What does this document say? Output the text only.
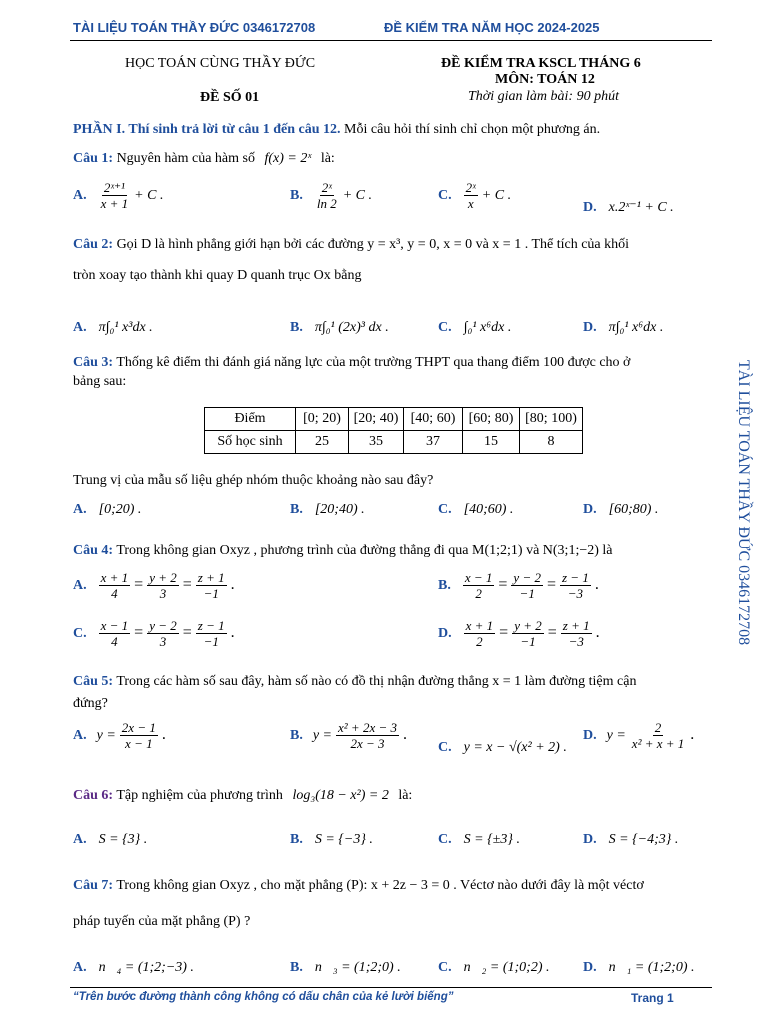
TÀI LIỆU TOÁN THẦY ĐỨC 0346172708	ĐỀ KIỂM TRA NĂM HỌC 2024-2025
HỌC TOÁN CÙNG THẦY ĐỨC	ĐỀ KIỂM TRA KSCL THÁNG 6
MÔN: TOÁN 12
ĐỀ SỐ 01	Thời gian làm bài: 90 phút
PHẦN I. Thí sinh trả lời từ câu 1 đến câu 12. Mỗi câu hỏi thí sinh chỉ chọn một phương án.
Câu 1: Nguyên hàm của hàm số f(x) = 2ˣ là:
A. $\frac{\text{2ˣ⁺¹}}{x + 1} + C$ .	B. $\frac{\text{2ˣ}}{\ln 2} + C$ .	C. $\frac{\text{2ˣ}}{x} + C$ .
D. x.2ˣ⁻¹ + C .
Câu 2: Gọi D là hình phẳng giới hạn bởi các đường y = x³, y = 0, x = 0 và x = 1 . Thể tích của khối
tròn xoay tạo thành khi quay D quanh trục Ox bằng
A. π∫₀¹ x³dx .	B. π∫₀¹ (2x)³ dx .	C. ∫₀¹ x⁶dx .	D. π∫₀¹ x⁶dx .
Câu 3: Thống kê điểm thi đánh giá năng lực của một trường THPT qua thang điểm 100 được cho ở
bảng sau:
Điểm	[0; 20)	[20; 40)	[40; 60)	[60; 80)	[80; 100)
Số học sinh	25	35	37	15	8
Trung vị của mẫu số liệu ghép nhóm thuộc khoảng nào sau đây?
A. [0;20) .	B. [20;40) .	C. [40;60) .	D. [60;80) .
Câu 4: Trong không gian Oxyz , phương trình của đường thẳng đi qua M(1;2;1) và N(3;1;−2) là
A. $\frac{x + 1}{4} = \frac{y + 2}{3} = \frac{z + 1}{-1}$ .	B. $\frac{x - 1}{2} = \frac{y - 2}{-1} = \frac{z - 1}{-3}$ .
C. $\frac{x - 1}{4} = \frac{y - 2}{3} = \frac{z - 1}{-1}$ .	D. $\frac{x + 1}{2} = \frac{y + 2}{-1} = \frac{z + 1}{-3}$ .
Câu 5: Trong các hàm số sau đây, hàm số nào có đồ thị nhận đường thẳng x = 1 làm đường tiệm cận
đứng?
A. $y = \frac{2x - 1}{x - 1}$ .	B. $y = \frac{\text{x² + 2x − 3}}{2x - 3}$ .
C. y = x − √(x² + 2) .
D. $y = \frac{2}{\text{x² + x + 1}}$ .
Câu 6: Tập nghiệm của phương trình log₃(18 − x²) = 2 là:
A. S = {3} .	B. S = {−3} .	C. S = {±3} .	D. S = {−4;3} .
Câu 7: Trong không gian Oxyz , cho mặt phẳng (P): x + 2z − 3 = 0 . Véctơ nào dưới đây là một véctơ
pháp tuyến của mặt phẳng (P) ?
A. n⃗₄ = (1;2;−3) .	B. n⃗₃ = (1;2;0) .	C. n⃗₂ = (1;0;2) . D. n⃗₁ = (1;2;0) .
TÀI LIỆU TOÁN THẦY ĐỨC 0346172708
“Trên bước đường thành công không có dấu chân của kẻ lười biếng”	Trang 1
